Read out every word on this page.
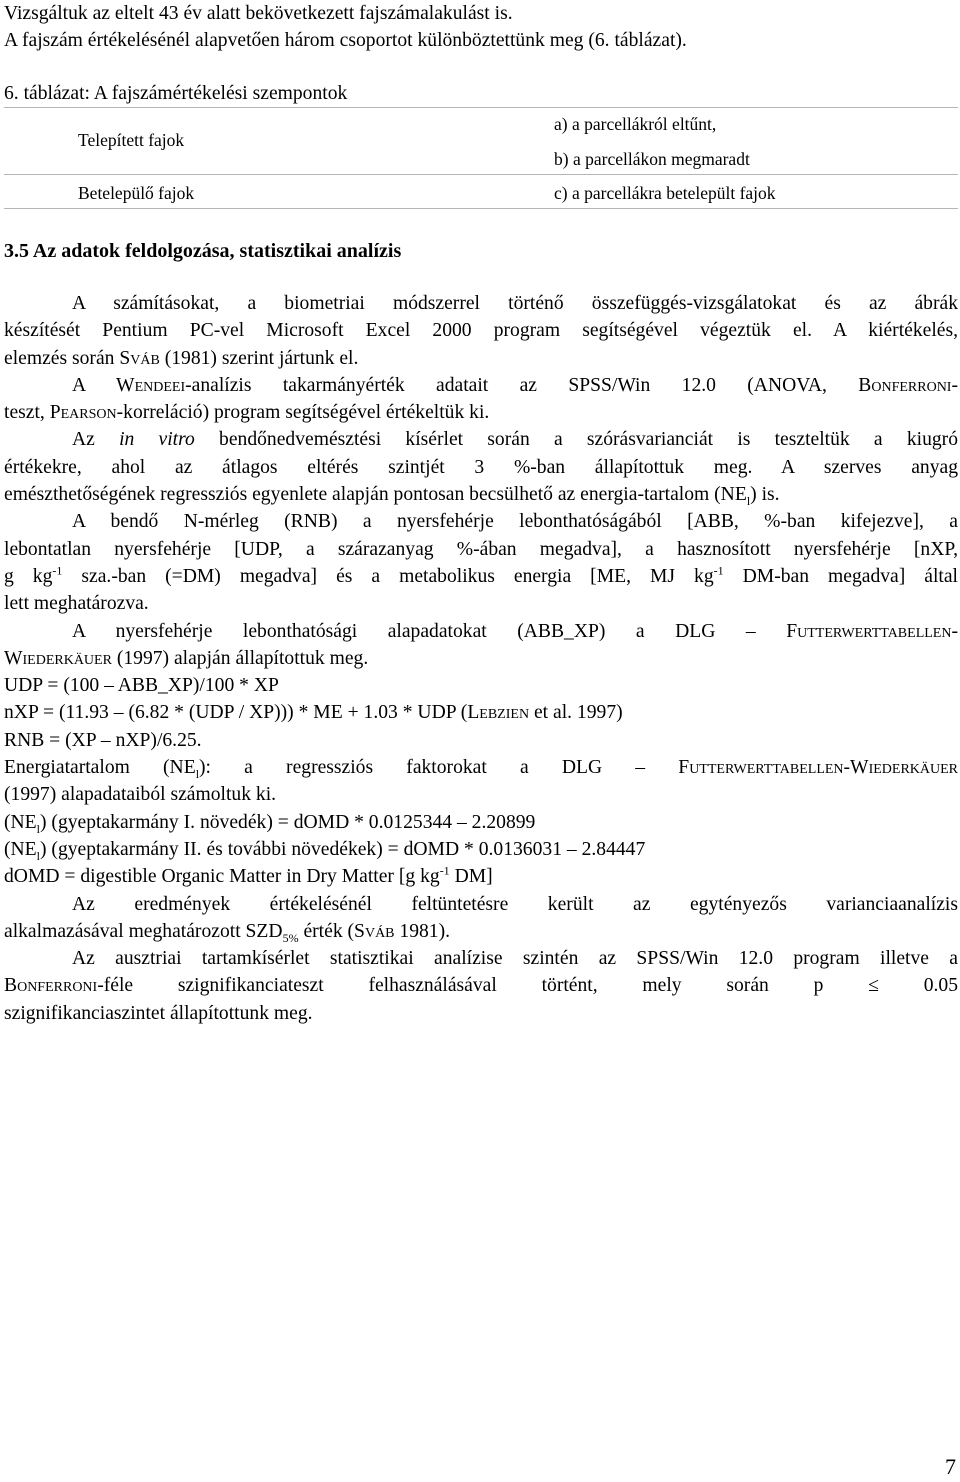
Vizsgáltuk az eltelt 43 év alatt bekövetkezett fajszámalakulást is.
A fajszám értékelésénél alapvetően három csoportot különböztettünk meg (6. táblázat).
6. táblázat: A fajszámértékelési szempontok
Telepített fajok
a) a parcellákról eltűnt,
b) a parcellákon megmaradt
Betelepülő fajok	c) a parcellákra betelepült fajok
3.5 Az adatok feldolgozása, statisztikai analízis
A számításokat, a biometriai módszerrel történő összefüggés-vizsgálatokat és az ábrák
készítését Pentium PC-vel Microsoft Excel 2000 program segítségével végeztük el. A kiértékelés,
elemzés során Sváb (1981) szerint jártunk el.
A Wendeei-analízis takarmányérték adatait az SPSS/Win 12.0 (ANOVA, Bonferroni-
teszt, Pearson-korreláció) program segítségével értékeltük ki.
Az in vitro bendőnedvemésztési kísérlet során a szórásvarianciát is teszteltük a kiugró
értékekre, ahol az átlagos eltérés szintjét 3 %-ban állapítottuk meg. A szerves anyag
emészthetőségének regressziós egyenlete alapján pontosan becsülhető az energia-tartalom $(NE_l)$ is.
A bendő N-mérleg (RNB) a nyersfehérje lebonthatóságából [ABB, %-ban kifejezve], a
lebontatlan nyersfehérje [UDP, a szárazanyag %-ában megadva], a hasznosított nyersfehérje [nXP,
g $kg^{-1}$ sza.-ban (=DM) megadva] és a metabolikus energia [ME, MJ $kg^{-1}$ DM-ban megadva] által
lett meghatározva.
A nyersfehérje lebonthatósági alapadatokat (ABB_XP) a DLG – Futterwerttabellen-
Wiederkäuer (1997) alapján állapítottuk meg.
UDP = (100 – ABB_XP)/100 * XP
nXP = (11.93 – (6.82 * (UDP / XP))) * ME + 1.03 * UDP (Lebzien et al. 1997)
RNB = (XP – nXP)/6.25.
Energiatartalom $(NE_l)$: a regressziós faktorokat a DLG – Futterwerttabellen-Wiederkäuer
(1997) alapadataiból számoltuk ki.
$(NE_l)$ (gyeptakarmány I. növedék) = dOMD * 0.0125344 – 2.20899
$(NE_l)$ (gyeptakarmány II. és további növedékek) = dOMD * 0.0136031 – 2.84447
dOMD = digestible Organic Matter in Dry Matter [g $kg^{-1}$ DM]
Az eredmények értékelésénél feltüntetésre került az egytényezős varianciaanalízis
alkalmazásával meghatározott $SZD_{5\%}$ érték (Sváb 1981).
Az ausztriai tartamkísérlet statisztikai analízise szintén az SPSS/Win 12.0 program illetve a
Bonferroni-féle szignifikanciateszt felhasználásával történt, mely során p ≤ 0.05
szignifikanciaszintet állapítottunk meg.
7
